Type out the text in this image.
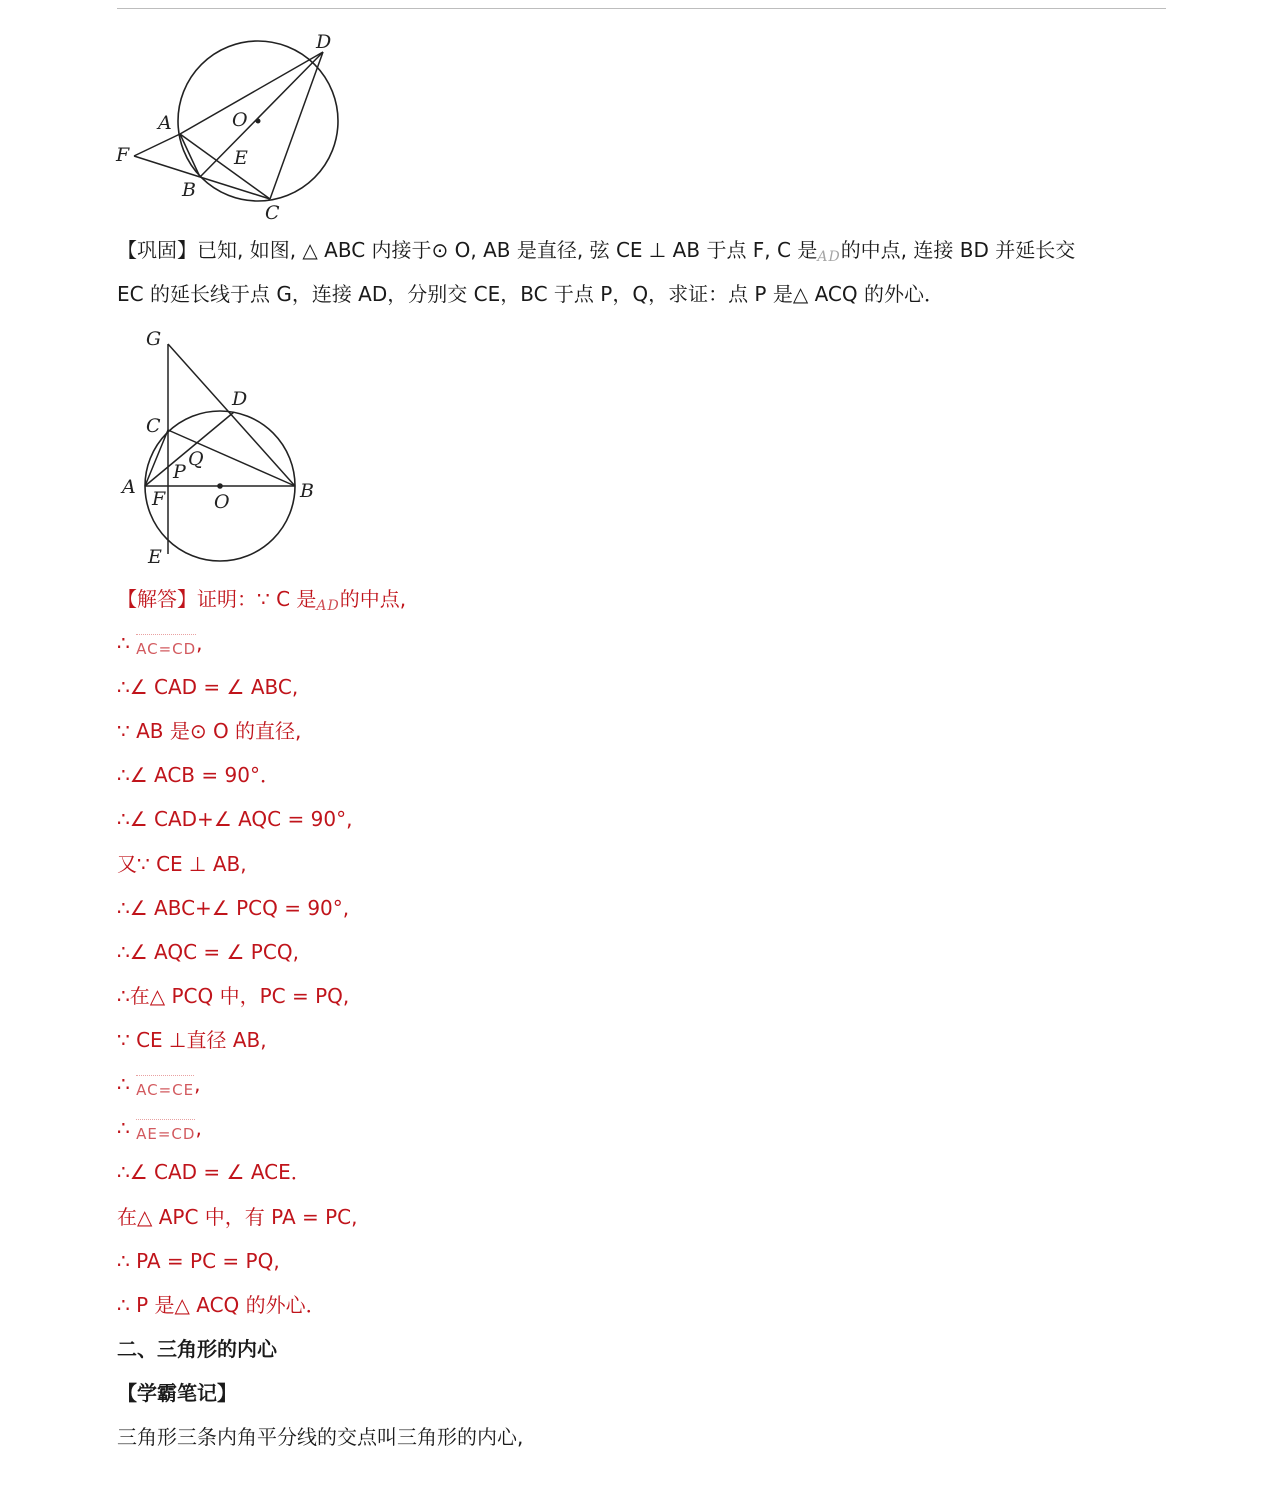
D
O
A
E
F
B
C
【巩固】已知, 如图, △ ABC 内接于⊙ O, AB 是直径, 弦 CE ⊥ AB 于点 F, C 是AD的中点, 连接 BD 并延长交
EC 的延长线于点 G，连接 AD，分别交 CE，BC 于点 P，Q，求证：点 P 是△ ACQ 的外心．
G
D
C
Q
P
A
F	O	B
E
【解答】证明：∵ C 是AD的中点,
∴ AC=CD,
∴∠ CAD = ∠ ABC,
∵ AB 是⊙ O 的直径,
∴∠ ACB = 90°．
∴∠ CAD+∠ AQC = 90°,
又∵ CE ⊥ AB,
∴∠ ABC+∠ PCQ = 90°,
∴∠ AQC = ∠ PCQ,
∴在△ PCQ 中，PC = PQ,
∵ CE ⊥直径 AB,
∴ AC=CE,
∴ AE=CD,
∴∠ CAD = ∠ ACE．
在△ APC 中，有 PA = PC,
∴ PA = PC = PQ,
∴ P 是△ ACQ 的外心．
二、三角形的内心
【学霸笔记】
三角形三条内角平分线的交点叫三角形的内心,
